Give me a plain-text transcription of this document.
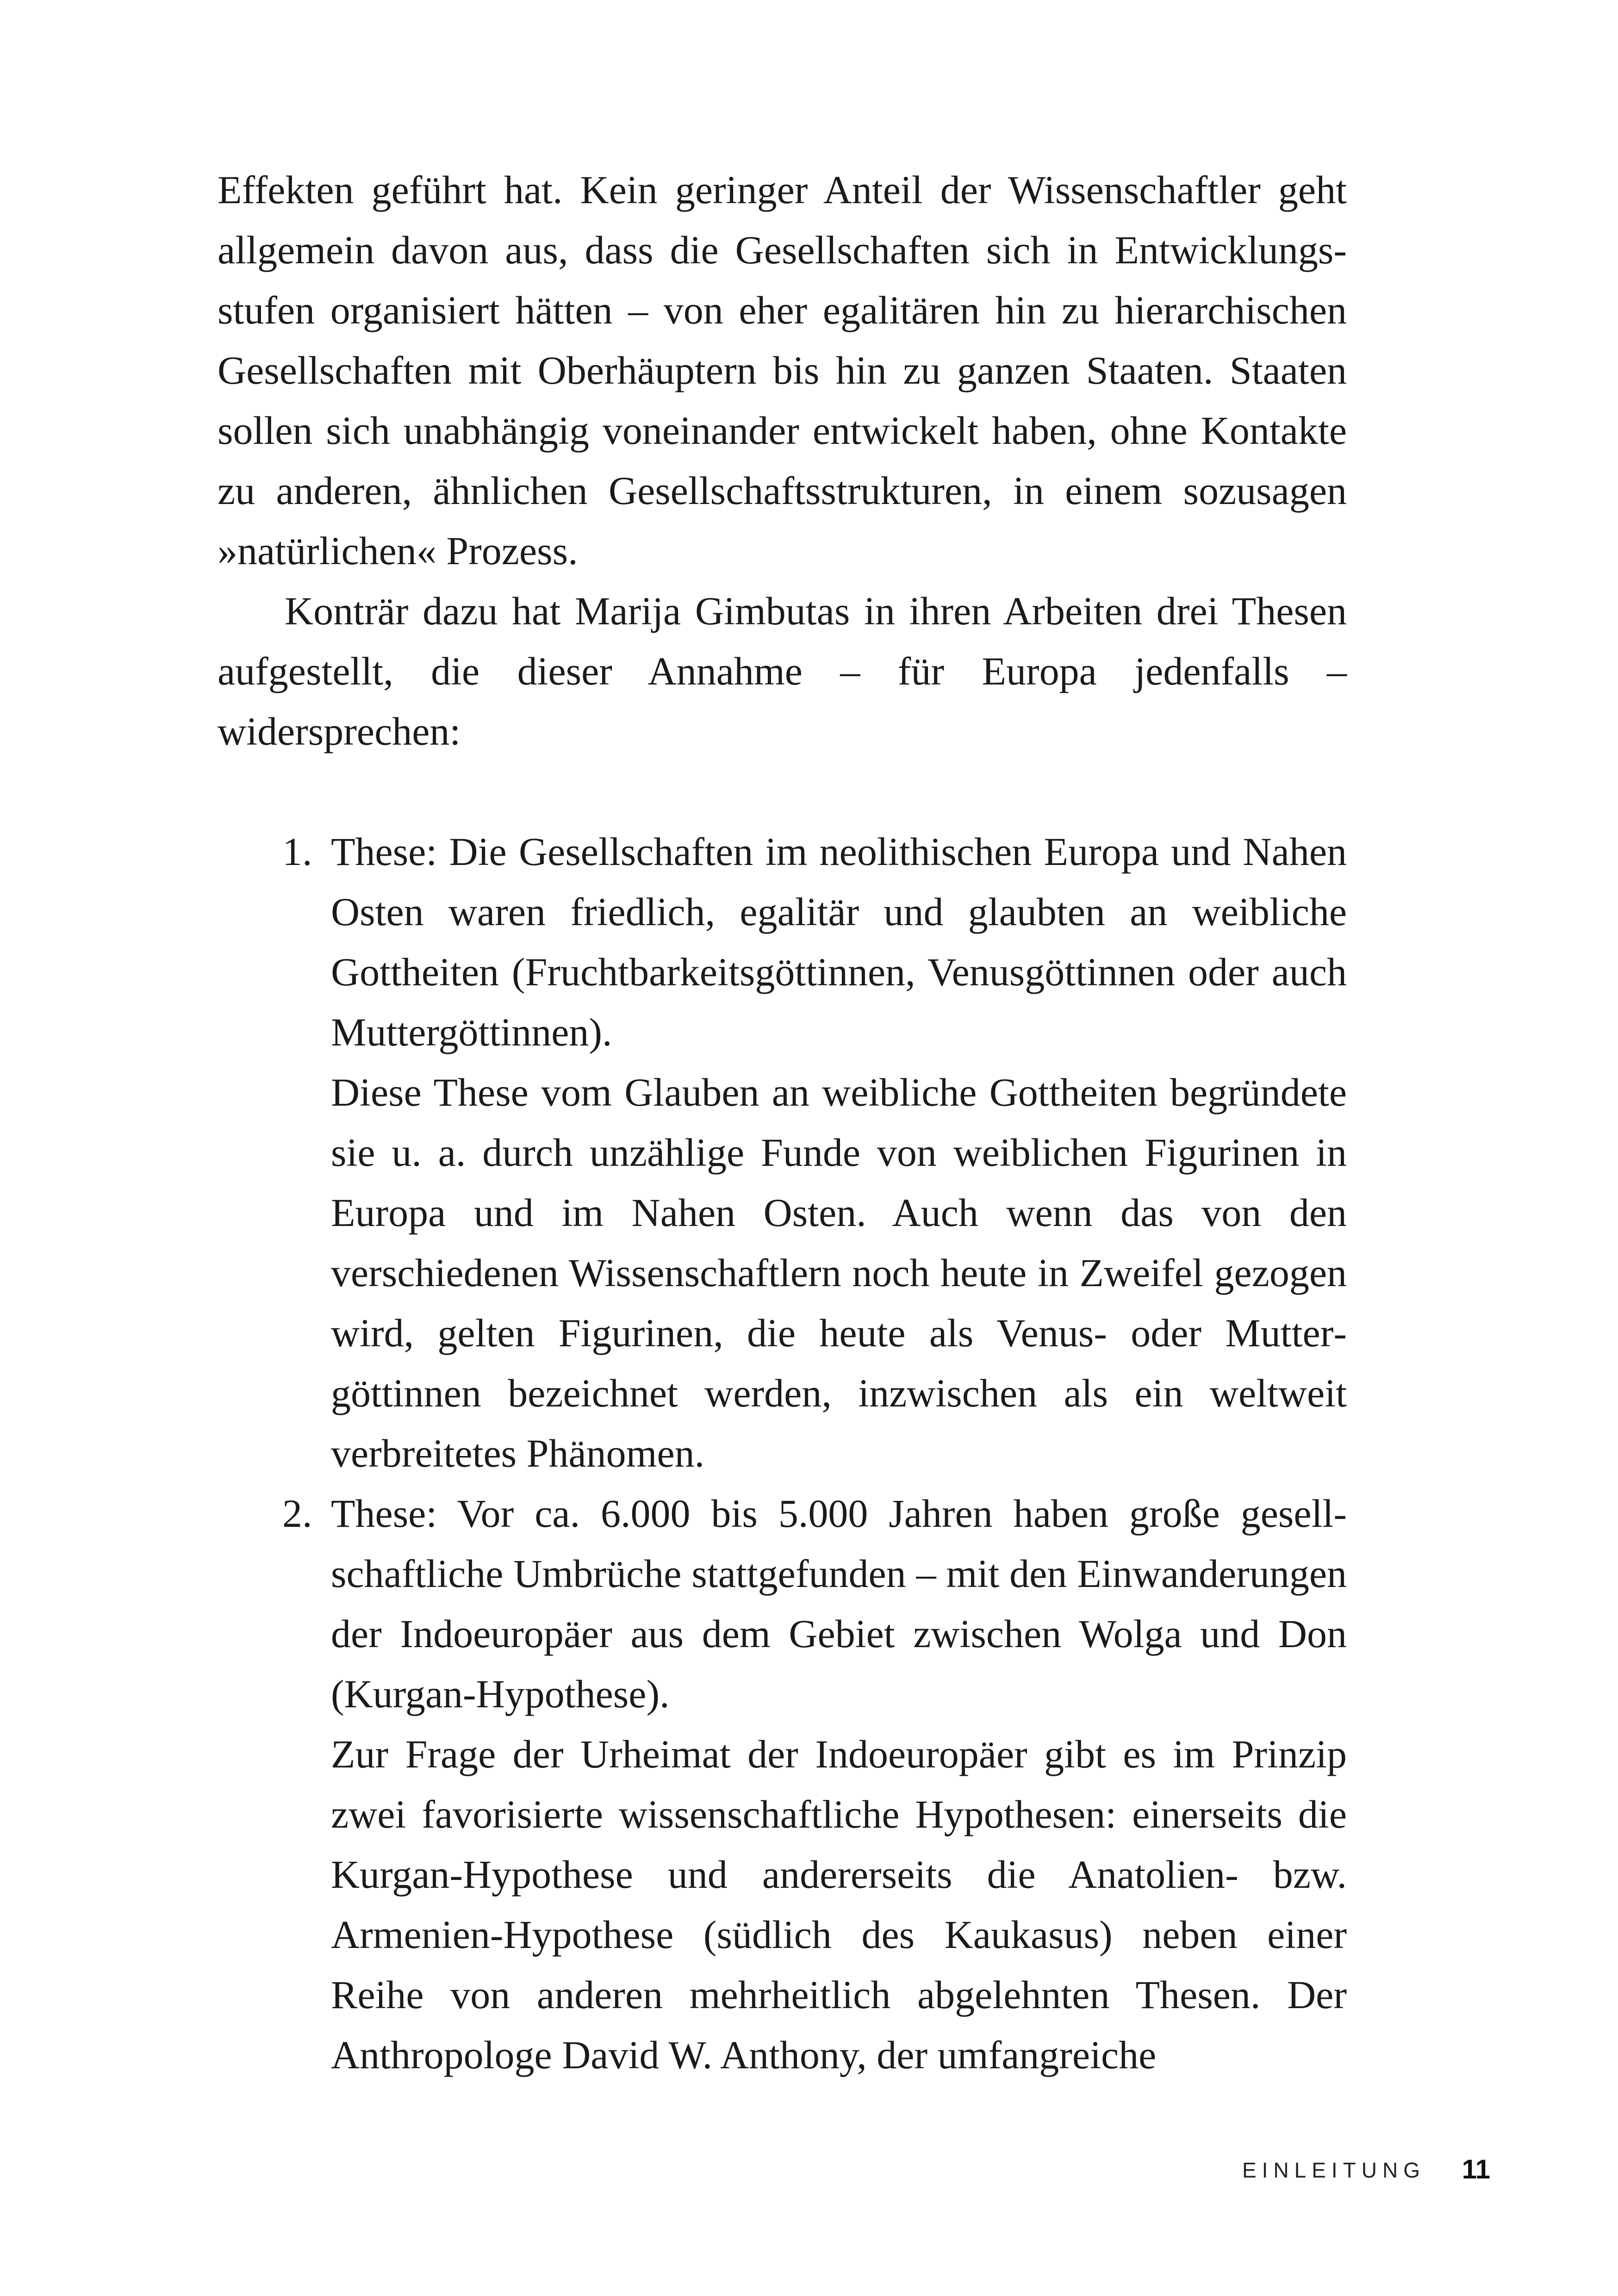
Effekten geführt hat. Kein geringer Anteil der Wissenschaftler geht allgemein davon aus, dass die Gesellschaften sich in Entwicklungsstufen organisiert hätten – von eher egalitären hin zu hierarchischen Gesellschaften mit Oberhäuptern bis hin zu ganzen Staaten. Staaten sollen sich unabhängig voneinander entwickelt haben, ohne Kontakte zu anderen, ähnlichen Gesellschaftsstrukturen, in einem sozusagen »natürlichen« Prozess.

Konträr dazu hat Marija Gimbutas in ihren Arbeiten drei Thesen aufgestellt, die dieser Annahme – für Europa jedenfalls – widersprechen:

1. These: Die Gesellschaften im neolithischen Europa und Nahen Osten waren friedlich, egalitär und glaubten an weibliche Gottheiten (Fruchtbarkeitsgöttinnen, Venusgöttinnen oder auch Muttergöttinnen).

Diese These vom Glauben an weibliche Gottheiten begründete sie u. a. durch unzählige Funde von weiblichen Figurinen in Europa und im Nahen Osten. Auch wenn das von den verschiedenen Wissenschaftlern noch heute in Zweifel gezogen wird, gelten Figurinen, die heute als Venus- oder Muttergöttinnen bezeichnet werden, inzwischen als ein weltweit verbreitetes Phänomen.

2. These: Vor ca. 6.000 bis 5.000 Jahren haben große gesellschaftliche Umbrüche stattgefunden – mit den Einwanderungen der Indoeuropäer aus dem Gebiet zwischen Wolga und Don (Kurgan-Hypothese).

Zur Frage der Urheimat der Indoeuropäer gibt es im Prinzip zwei favorisierte wissenschaftliche Hypothesen: einerseits die Kurgan-Hypothese und andererseits die Anatolien- bzw. Armenien-Hypothese (südlich des Kaukasus) neben einer Reihe von anderen mehrheitlich abgelehnten Thesen. Der Anthropologe David W. Anthony, der umfangreiche

EINLEITUNG 11
